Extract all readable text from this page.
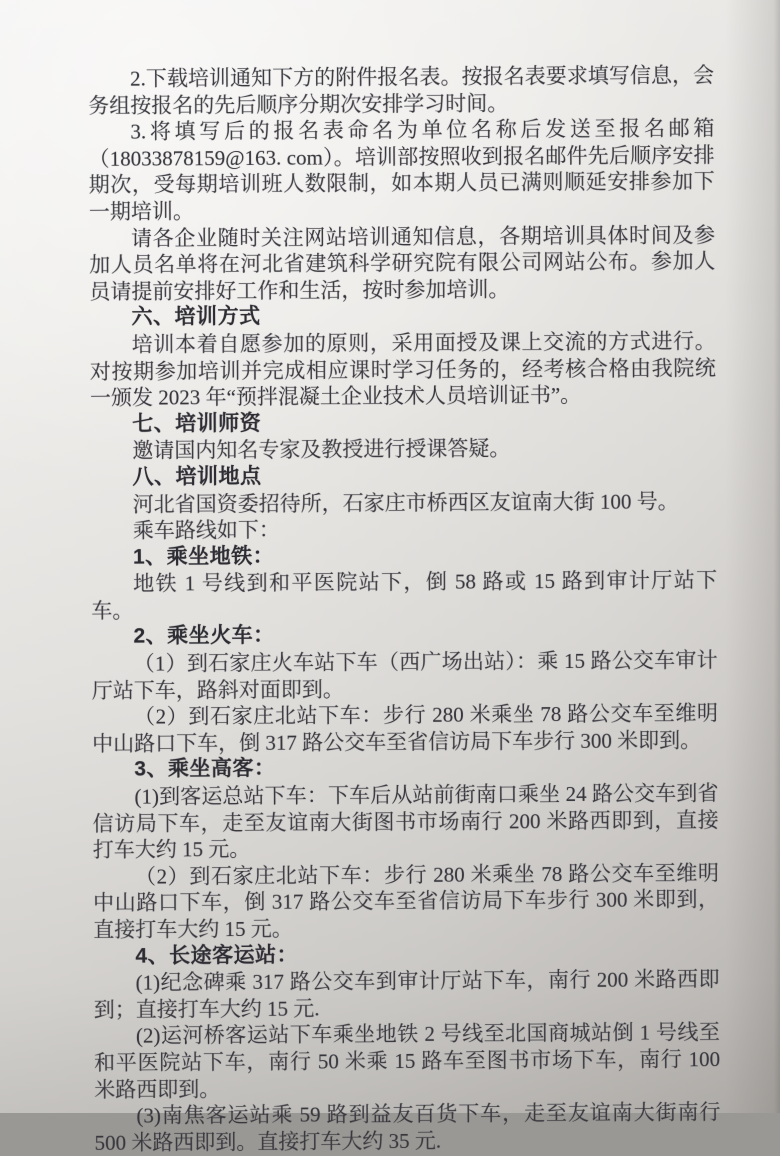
2.下载培训通知下方的附件报名表。按报名表要求填写信息，会务组按报名的先后顺序分期次安排学习时间。

3.将填写后的报名表命名为单位名称后发送至报名邮箱（18033878159@163. com）。培训部按照收到报名邮件先后顺序安排期次，受每期培训班人数限制，如本期人员已满则顺延安排参加下一期培训。

请各企业随时关注网站培训通知信息，各期培训具体时间及参加人员名单将在河北省建筑科学研究院有限公司网站公布。参加人员请提前安排好工作和生活，按时参加培训。

六、培训方式

培训本着自愿参加的原则，采用面授及课上交流的方式进行。对按期参加培训并完成相应课时学习任务的，经考核合格由我院统一颁发 2023 年“预拌混凝土企业技术人员培训证书”。

七、培训师资

邀请国内知名专家及教授进行授课答疑。

八、培训地点

河北省国资委招待所，石家庄市桥西区友谊南大街 100 号。

乘车路线如下：

1、乘坐地铁：

地铁 1 号线到和平医院站下，倒 58 路或 15 路到审计厅站下车。

2、乘坐火车：

（1）到石家庄火车站下车（西广场出站）：乘 15 路公交车审计厅站下车，路斜对面即到。

（2）到石家庄北站下车：步行 280 米乘坐 78 路公交车至维明中山路口下车，倒 317 路公交车至省信访局下车步行 300 米即到。

3、乘坐高客：

(1)到客运总站下车：下车后从站前街南口乘坐 24 路公交车到省信访局下车，走至友谊南大街图书市场南行 200 米路西即到，直接打车大约 15 元。

（2）到石家庄北站下车：步行 280 米乘坐 78 路公交车至维明中山路口下车，倒 317 路公交车至省信访局下车步行 300 米即到，直接打车大约 15 元。

4、长途客运站：

(1)纪念碑乘 317 路公交车到审计厅站下车，南行 200 米路西即到；直接打车大约 15 元.

(2)运河桥客运站下车乘坐地铁 2 号线至北国商城站倒 1 号线至和平医院站下车，南行 50 米乘 15 路车至图书市场下车，南行 100 米路西即到。

(3)南焦客运站乘 59 路到益友百货下车，走至友谊南大街南行 500 米路西即到。直接打车大约 35 元.
